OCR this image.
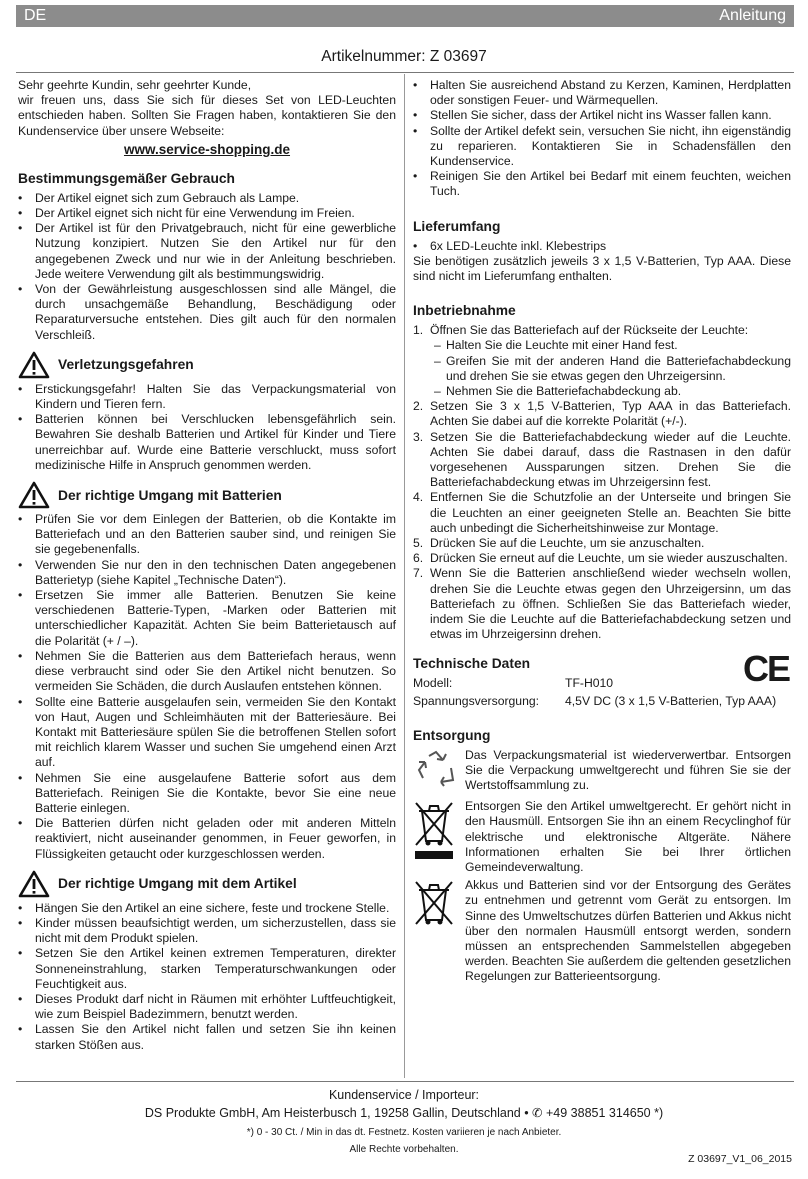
DE	Anleitung
Artikelnummer: Z 03697

Sehr geehrte Kundin, sehr geehrter Kunde,

wir freuen uns, dass Sie sich für dieses Set von LED-Leuchten entschieden haben. Sollten Sie Fragen haben, kontaktieren Sie den Kundenservice über unsere Webseite:

www.service-shopping.de
Bestimmungsgemäßer Gebrauch
• Der Artikel eignet sich zum Gebrauch als Lampe.
• Der Artikel eignet sich nicht für eine Verwendung im Freien.
• Der Artikel ist für den Privatgebrauch, nicht für eine gewerbliche Nutzung konzipiert. Nutzen Sie den Artikel nur für den angegebenen Zweck und nur wie in der Anleitung beschrieben. Jede weitere Verwendung gilt als bestimmungswidrig.
• Von der Gewährleistung ausgeschlossen sind alle Mängel, die durch unsachgemäße Behandlung, Beschädigung oder Reparaturversuche entstehen. Dies gilt auch für den normalen Verschleiß.
Verletzungsgefahren
• Erstickungsgefahr! Halten Sie das Verpackungsmaterial von Kindern und Tieren fern.
• Batterien können bei Verschlucken lebensgefährlich sein. Bewahren Sie deshalb Batterien und Artikel für Kinder und Tiere unerreichbar auf. Wurde eine Batterie verschluckt, muss sofort medizinische Hilfe in Anspruch genommen werden.
Der richtige Umgang mit Batterien
• Prüfen Sie vor dem Einlegen der Batterien, ob die Kontakte im Batteriefach und an den Batterien sauber sind, und reinigen Sie sie gegebenenfalls.
• Verwenden Sie nur den in den technischen Daten angegebenen Batterietyp (siehe Kapitel „Technische Daten“).
• Ersetzen Sie immer alle Batterien. Benutzen Sie keine verschiedenen Batterie-Typen, -Marken oder Batterien mit unterschiedlicher Kapazität. Achten Sie beim Batterietausch auf die Polarität (+ / –).
• Nehmen Sie die Batterien aus dem Batteriefach heraus, wenn diese verbraucht sind oder Sie den Artikel nicht benutzen. So vermeiden Sie Schäden, die durch Auslaufen entstehen können.
• Sollte eine Batterie ausgelaufen sein, vermeiden Sie den Kontakt von Haut, Augen und Schleimhäuten mit der Batteriesäure. Bei Kontakt mit Batteriesäure spülen Sie die betroffenen Stellen sofort mit reichlich klarem Wasser und suchen Sie umgehend einen Arzt auf.
• Nehmen Sie eine ausgelaufene Batterie sofort aus dem Batteriefach. Reinigen Sie die Kontakte, bevor Sie eine neue Batterie einlegen.
• Die Batterien dürfen nicht geladen oder mit anderen Mitteln reaktiviert, nicht auseinander genommen, in Feuer geworfen, in Flüssigkeiten getaucht oder kurzgeschlossen werden.
Der richtige Umgang mit dem Artikel
• Hängen Sie den Artikel an eine sichere, feste und trockene Stelle.
• Kinder müssen beaufsichtigt werden, um sicherzustellen, dass sie nicht mit dem Produkt spielen.
• Setzen Sie den Artikel keinen extremen Temperaturen, direkter Sonneneinstrahlung, starken Temperaturschwankungen oder Feuchtigkeit aus.
• Dieses Produkt darf nicht in Räumen mit erhöhter Luftfeuchtigkeit, wie zum Beispiel Badezimmern, benutzt werden.
• Lassen Sie den Artikel nicht fallen und setzen Sie ihn keinen starken Stößen aus.
• Halten Sie ausreichend Abstand zu Kerzen, Kaminen, Herdplatten oder sonstigen Feuer- und Wärmequellen.
• Stellen Sie sicher, dass der Artikel nicht ins Wasser fallen kann.
• Sollte der Artikel defekt sein, versuchen Sie nicht, ihn eigenständig zu reparieren. Kontaktieren Sie in Schadensfällen den Kundenservice.
• Reinigen Sie den Artikel bei Bedarf mit einem feuchten, weichen Tuch.
Lieferumfang
• 6x LED-Leuchte inkl. Klebestrips

Sie benötigen zusätzlich jeweils 3 x 1,5 V-Batterien, Typ AAA. Diese sind nicht im Lieferumfang enthalten.

Inbetriebnahme
1. Öffnen Sie das Batteriefach auf der Rückseite der Leuchte:
– Halten Sie die Leuchte mit einer Hand fest.
– Greifen Sie mit der anderen Hand die Batteriefachabdeckung und drehen Sie sie etwas gegen den Uhrzeigersinn.
– Nehmen Sie die Batteriefachabdeckung ab.
2. Setzen Sie 3 x 1,5 V-Batterien, Typ AAA in das Batteriefach. Achten Sie dabei auf die korrekte Polarität (+/-).
3. Setzen Sie die Batteriefachabdeckung wieder auf die Leuchte. Achten Sie dabei darauf, dass die Rastnasen in den dafür vorgesehenen Aussparungen sitzen. Drehen Sie die Batteriefachabdeckung etwas im Uhrzeigersinn fest.
4. Entfernen Sie die Schutzfolie an der Unterseite und bringen Sie die Leuchten an einer geeigneten Stelle an. Beachten Sie bitte auch unbedingt die Sicherheitshinweise zur Montage.
5. Drücken Sie auf die Leuchte, um sie anzuschalten.
6. Drücken Sie erneut auf die Leuchte, um sie wieder auszuschalten.
7. Wenn Sie die Batterien anschließend wieder wechseln wollen, drehen Sie die Leuchte etwas gegen den Uhrzeigersinn, um das Batteriefach zu öffnen. Schließen Sie das Batteriefach wieder, indem Sie die Leuchte auf die Batteriefachabdeckung setzen und etwas im Uhrzeigersinn drehen.
Technische Daten	CE
Modell:	TF-H010
Spannungsversorgung:	4,5V DC (3 x 1,5 V-Batterien, Typ AAA)
Entsorgung

Das Verpackungsmaterial ist wiederverwertbar. Entsorgen Sie die Verpackung umweltgerecht und führen Sie sie der Wertstoffsammlung zu.

Entsorgen Sie den Artikel umweltgerecht. Er gehört nicht in den Hausmüll. Entsorgen Sie ihn an einem Recyclinghof für elektrische und elektronische Altgeräte. Nähere Informationen erhalten Sie bei Ihrer örtlichen Gemeindeverwaltung.

Akkus und Batterien sind vor der Entsorgung des Gerätes zu entnehmen und getrennt vom Gerät zu entsorgen. Im Sinne des Umweltschutzes dürfen Batterien und Akkus nicht über den normalen Hausmüll entsorgt werden, sondern müssen an entsprechenden Sammelstellen abgegeben werden. Beachten Sie außerdem die geltenden gesetzlichen Regelungen zur Batterieentsorgung.

Kundenservice / Importeur:
DS Produkte GmbH, Am Heisterbusch 1, 19258 Gallin, Deutschland • ✆ +49 38851 314650 *)
*) 0 - 30 Ct. / Min in das dt. Festnetz. Kosten variieren je nach Anbieter.
Alle Rechte vorbehalten.
Z 03697_V1_06_2015
